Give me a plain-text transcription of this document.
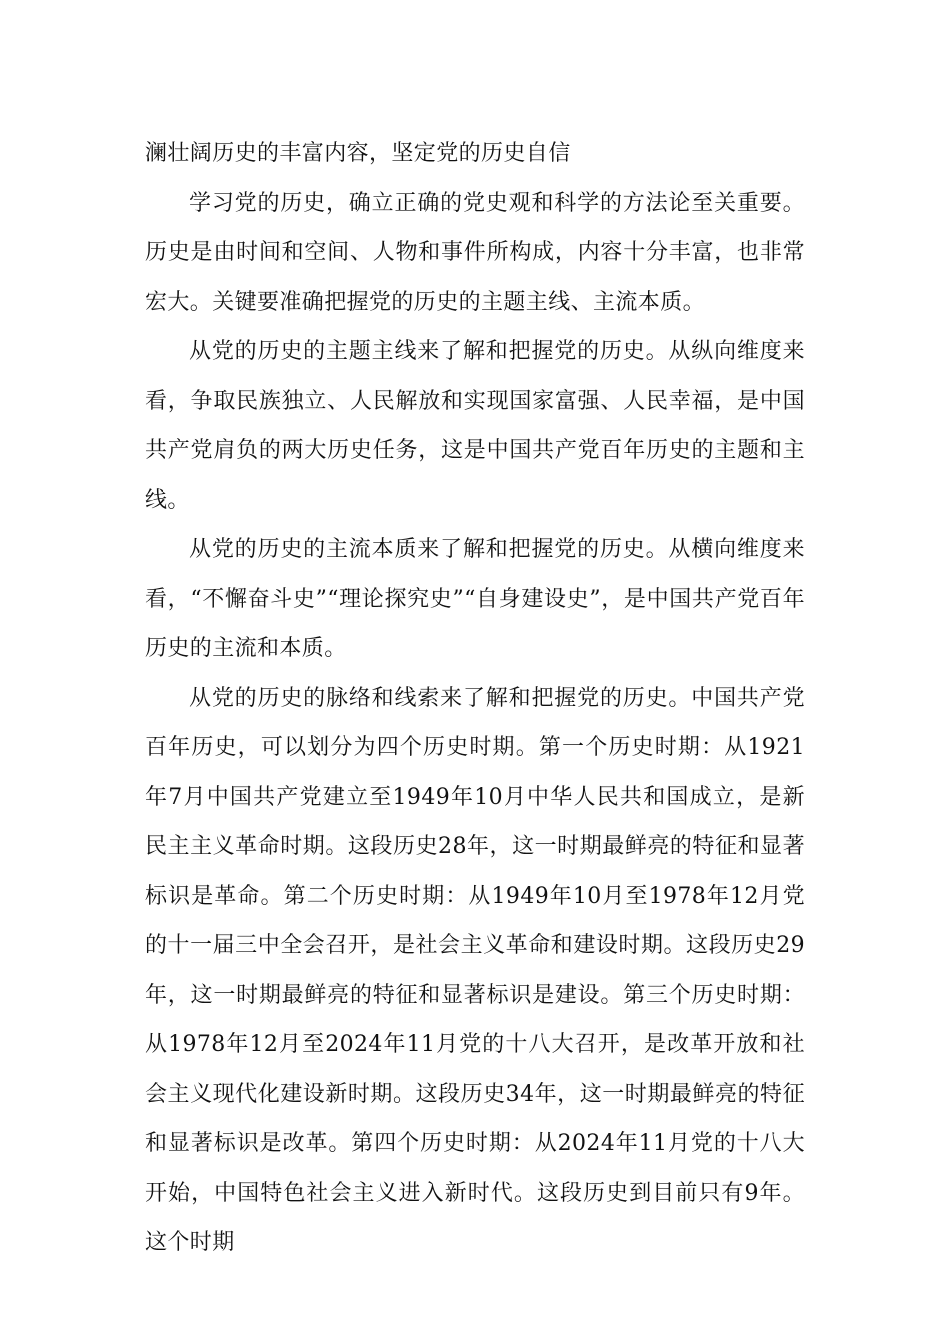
澜壮阔历史的丰富内容，坚定党的历史自信

学习党的历史，确立正确的党史观和科学的方法论至关重要。历史是由时间和空间、人物和事件所构成，内容十分丰富，也非常宏大。关键要准确把握党的历史的主题主线、主流本质。

从党的历史的主题主线来了解和把握党的历史。从纵向维度来看，争取民族独立、人民解放和实现国家富强、人民幸福，是中国共产党肩负的两大历史任务，这是中国共产党百年历史的主题和主线。

从党的历史的主流本质来了解和把握党的历史。从横向维度来看，“不懈奋斗史”“理论探究史”“自身建设史”，是中国共产党百年历史的主流和本质。

从党的历史的脉络和线索来了解和把握党的历史。中国共产党百年历史，可以划分为四个历史时期。第一个历史时期：从1921年7月中国共产党建立至1949年10月中华人民共和国成立，是新民主主义革命时期。这段历史28年，这一时期最鲜亮的特征和显著标识是革命。第二个历史时期：从1949年10月至1978年12月党的十一届三中全会召开，是社会主义革命和建设时期。这段历史29年，这一时期最鲜亮的特征和显著标识是建设。第三个历史时期：从1978年12月至2024年11月党的十八大召开，是改革开放和社会主义现代化建设新时期。这段历史34年，这一时期最鲜亮的特征和显著标识是改革。第四个历史时期：从2024年11月党的十八大开始，中国特色社会主义进入新时代。这段历史到目前只有9年。这个时期
